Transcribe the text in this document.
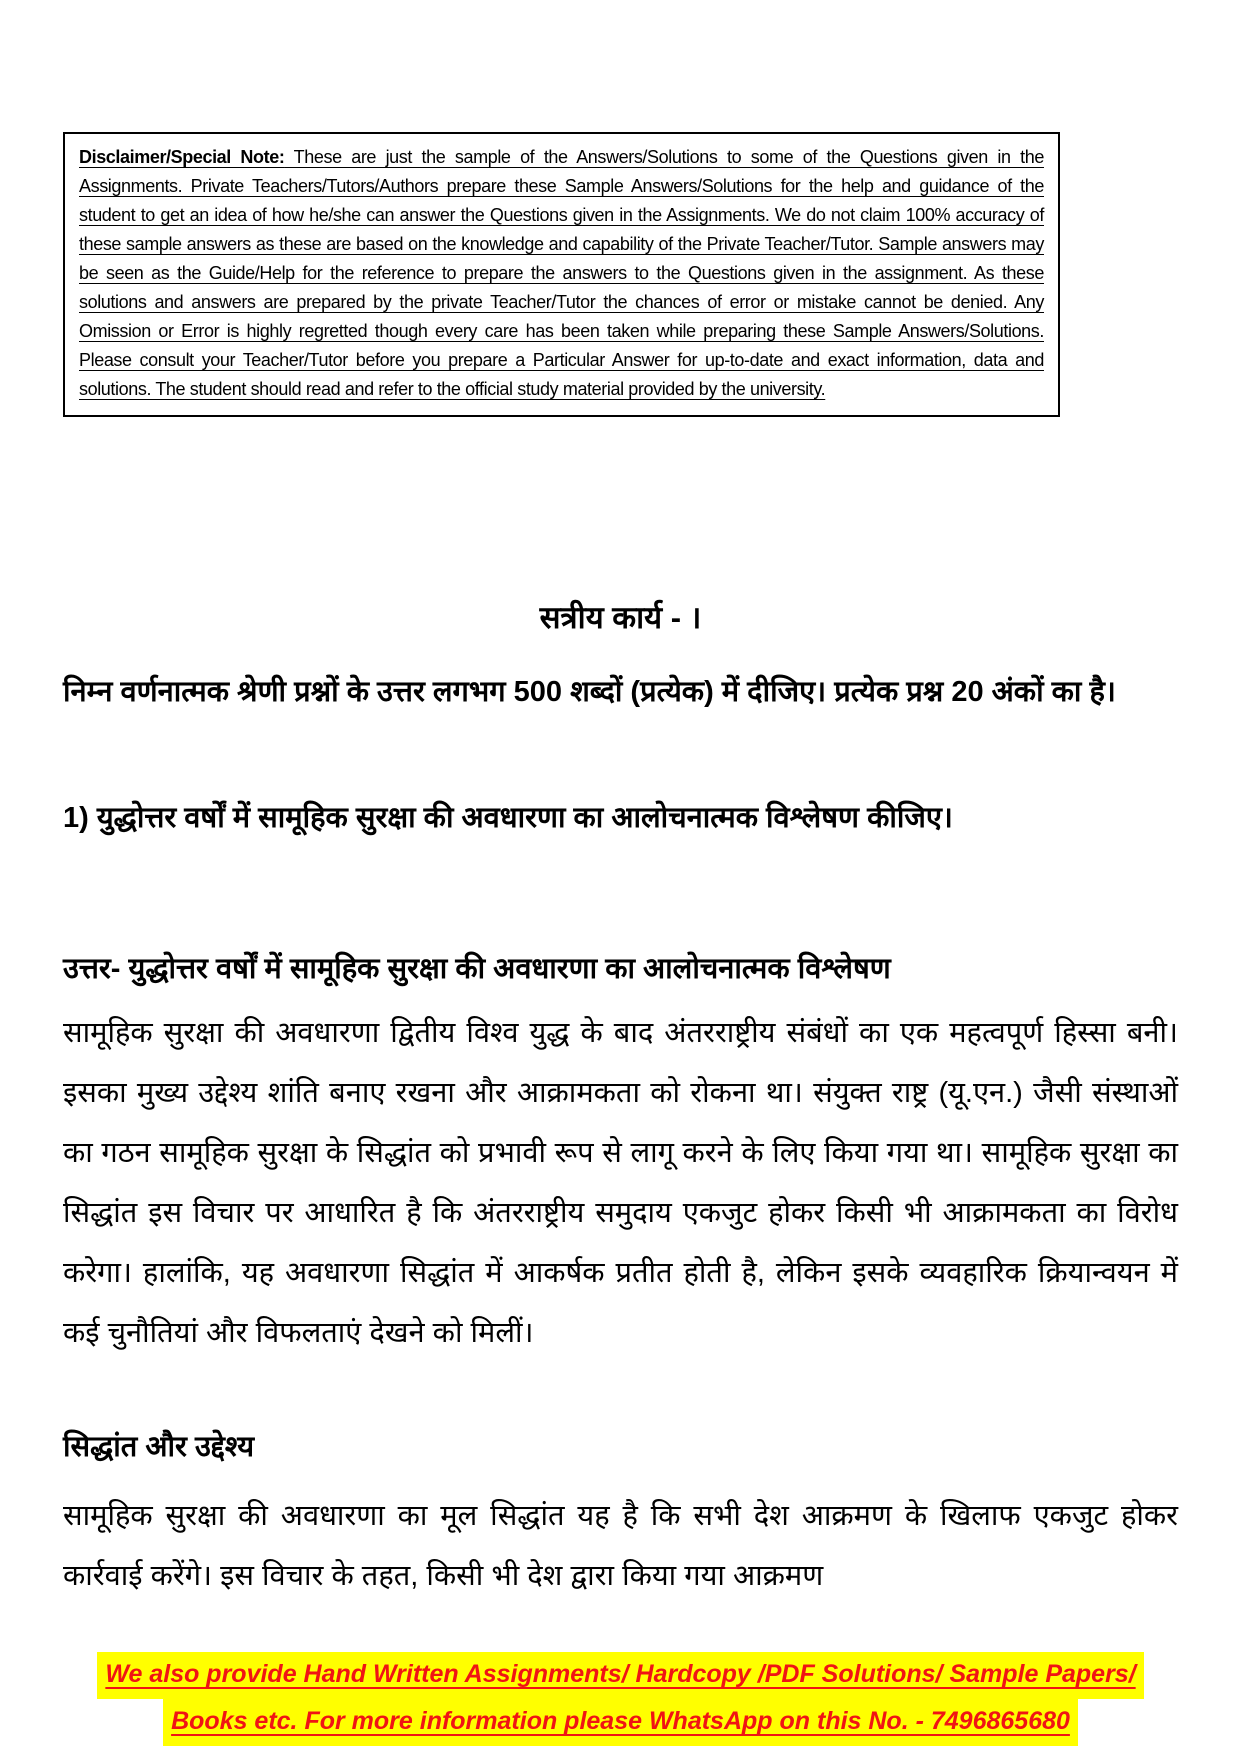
Disclaimer/Special Note: These are just the sample of the Answers/Solutions to some of the Questions given in the Assignments. Private Teachers/Tutors/Authors prepare these Sample Answers/Solutions for the help and guidance of the student to get an idea of how he/she can answer the Questions given in the Assignments. We do not claim 100% accuracy of these sample answers as these are based on the knowledge and capability of the Private Teacher/Tutor. Sample answers may be seen as the Guide/Help for the reference to prepare the answers to the Questions given in the assignment. As these solutions and answers are prepared by the private Teacher/Tutor the chances of error or mistake cannot be denied. Any Omission or Error is highly regretted though every care has been taken while preparing these Sample Answers/Solutions. Please consult your Teacher/Tutor before you prepare a Particular Answer for up-to-date and exact information, data and solutions. The student should read and refer to the official study material provided by the university.

सत्रीय कार्य - ।

निम्न वर्णनात्मक श्रेणी प्रश्नों के उत्तर लगभग 500 शब्दों (प्रत्येक) में दीजिए। प्रत्येक प्रश्न 20 अंकों का है।

1) युद्धोत्तर वर्षों में सामूहिक सुरक्षा की अवधारणा का आलोचनात्मक विश्लेषण कीजिए।

उत्तर- युद्धोत्तर वर्षों में सामूहिक सुरक्षा की अवधारणा का आलोचनात्मक विश्लेषण

सामूहिक सुरक्षा की अवधारणा द्वितीय विश्व युद्ध के बाद अंतरराष्ट्रीय संबंधों का एक महत्वपूर्ण हिस्सा बनी। इसका मुख्य उद्देश्य शांति बनाए रखना और आक्रामकता को रोकना था। संयुक्त राष्ट्र (यू.एन.) जैसी संस्थाओं का गठन सामूहिक सुरक्षा के सिद्धांत को प्रभावी रूप से लागू करने के लिए किया गया था। सामूहिक सुरक्षा का सिद्धांत इस विचार पर आधारित है कि अंतरराष्ट्रीय समुदाय एकजुट होकर किसी भी आक्रामकता का विरोध करेगा। हालांकि, यह अवधारणा सिद्धांत में आकर्षक प्रतीत होती है, लेकिन इसके व्यवहारिक क्रियान्वयन में कई चुनौतियां और विफलताएं देखने को मिलीं।

सिद्धांत और उद्देश्य

सामूहिक सुरक्षा की अवधारणा का मूल सिद्धांत यह है कि सभी देश आक्रमण के खिलाफ एकजुट होकर कार्रवाई करेंगे। इस विचार के तहत, किसी भी देश द्वारा किया गया आक्रमण

We also provide Hand Written Assignments/ Hardcopy /PDF Solutions/ Sample Papers/
Books etc. For more information please WhatsApp on this No. - 7496865680
